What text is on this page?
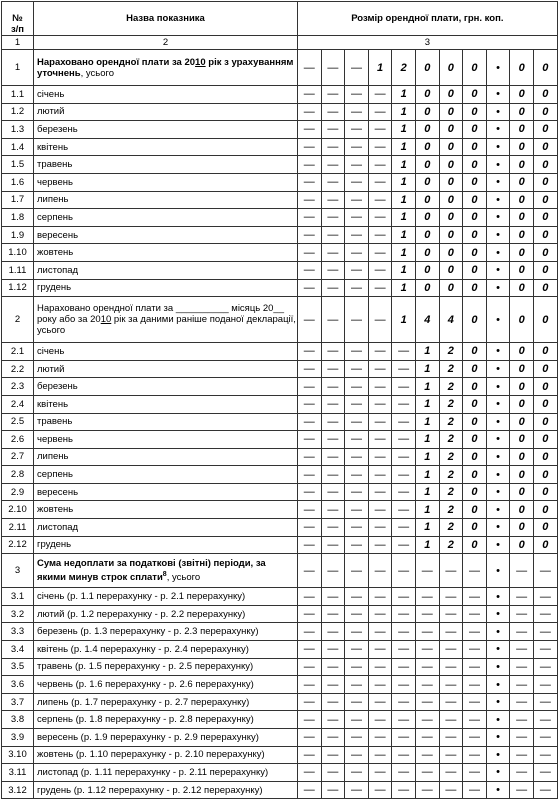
№
з/п	Назва показника	Розмір орендної плати, грн. коп.										
1	2	3										
1	Нараховано орендної плати за 2010 рік з урахуванням уточнень, усього	—	—	—	1	2	0	0	0	•	0	0
1.1	січень	—	—	—	—	1	0	0	0	•	0	0
1.2	лютий	—	—	—	—	1	0	0	0	•	0	0
1.3	березень	—	—	—	—	1	0	0	0	•	0	0
1.4	квітень	—	—	—	—	1	0	0	0	•	0	0
1.5	травень	—	—	—	—	1	0	0	0	•	0	0
1.6	червень	—	—	—	—	1	0	0	0	•	0	0
1.7	липень	—	—	—	—	1	0	0	0	•	0	0
1.8	серпень	—	—	—	—	1	0	0	0	•	0	0
1.9	вересень	—	—	—	—	1	0	0	0	•	0	0
1.10	жовтень	—	—	—	—	1	0	0	0	•	0	0
1.11	листопад	—	—	—	—	1	0	0	0	•	0	0
1.12	грудень	—	—	—	—	1	0	0	0	•	0	0
2	Нараховано орендної плати за __________ місяць 20__ року або за 2010 рік за даними раніше поданої декларації, усього	—	—	—	—	1	4	4	0	•	0	0
2.1	січень	—	—	—	—	—	1	2	0	•	0	0
2.2	лютий	—	—	—	—	—	1	2	0	•	0	0
2.3	березень	—	—	—	—	—	1	2	0	•	0	0
2.4	квітень	—	—	—	—	—	1	2	0	•	0	0
2.5	травень	—	—	—	—	—	1	2	0	•	0	0
2.6	червень	—	—	—	—	—	1	2	0	•	0	0
2.7	липень	—	—	—	—	—	1	2	0	•	0	0
2.8	серпень	—	—	—	—	—	1	2	0	•	0	0
2.9	вересень	—	—	—	—	—	1	2	0	•	0	0
2.10	жовтень	—	—	—	—	—	1	2	0	•	0	0
2.11	листопад	—	—	—	—	—	1	2	0	•	0	0
2.12	грудень	—	—	—	—	—	1	2	0	•	0	0
3	Сума недоплати за податкові (звітні) періоди, за якими минув строк сплати$^8$, усього	—	—	—	—	—	—	—	—	•	—	—
3.1	січень (р. 1.1 перерахунку - р. 2.1 перерахунку)	—	—	—	—	—	—	—	—	•	—	—
3.2	лютий (р. 1.2 перерахунку - р. 2.2 перерахунку)	—	—	—	—	—	—	—	—	•	—	—
3.3	березень (р. 1.3 перерахунку - р. 2.3 перерахунку)	—	—	—	—	—	—	—	—	•	—	—
3.4	квітень (р. 1.4 перерахунку - р. 2.4 перерахунку)	—	—	—	—	—	—	—	—	•	—	—
3.5	травень (р. 1.5 перерахунку - р. 2.5 перерахунку)	—	—	—	—	—	—	—	—	•	—	—
3.6	червень (р. 1.6 перерахунку - р. 2.6 перерахунку)	—	—	—	—	—	—	—	—	•	—	—
3.7	липень (р. 1.7 перерахунку - р. 2.7 перерахунку)	—	—	—	—	—	—	—	—	•	—	—
3.8	серпень (р. 1.8 перерахунку - р. 2.8 перерахунку)	—	—	—	—	—	—	—	—	•	—	—
3.9	вересень (р. 1.9 перерахунку - р. 2.9 перерахунку)	—	—	—	—	—	—	—	—	•	—	—
3.10	жовтень (р. 1.10 перерахунку - р. 2.10 перерахунку)	—	—	—	—	—	—	—	—	•	—	—
3.11	листопад (р. 1.11 перерахунку - р. 2.11 перерахунку)	—	—	—	—	—	—	—	—	•	—	—
3.12	грудень (р. 1.12 перерахунку - р. 2.12 перерахунку)	—	—	—	—	—	—	—	—	•	—	—
